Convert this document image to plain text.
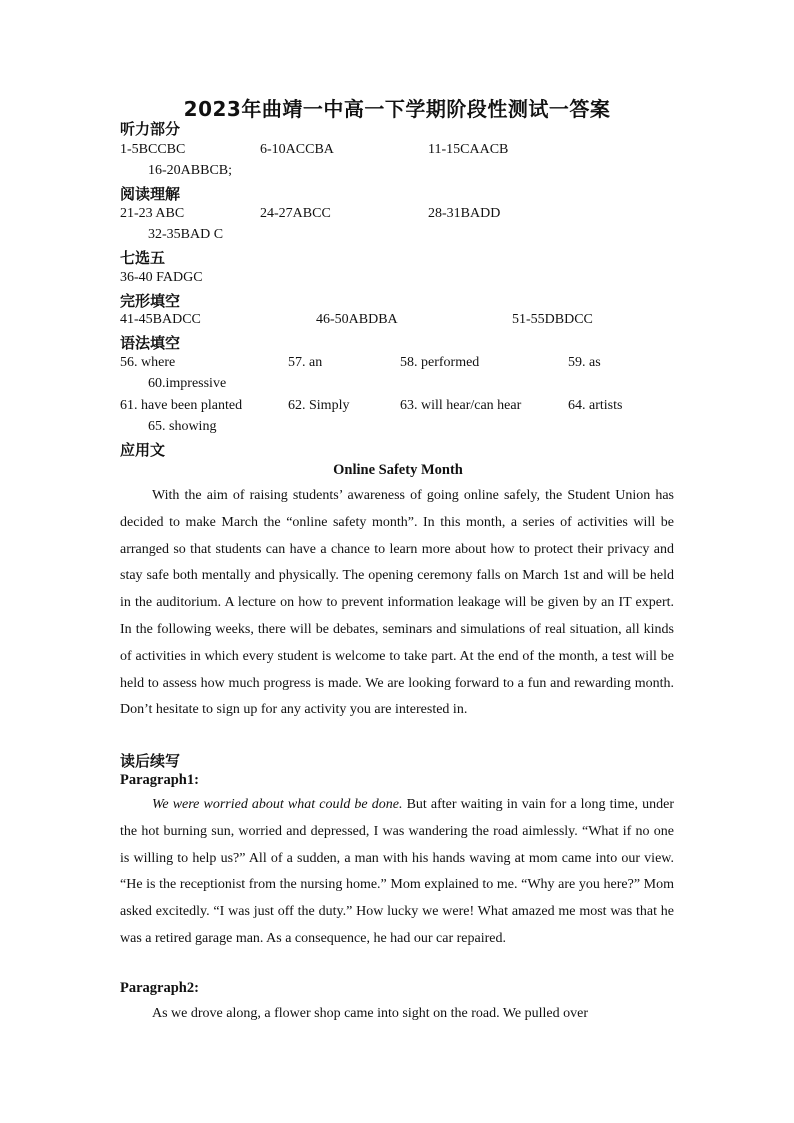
2023年曲靖一中高一下学期阶段性测试一答案
听力部分
1-5BCCBC	6-10ACCBA	11-15CAACB
16-20ABBCB;
阅读理解
21-23 ABC	24-27ABCC	28-31BADD
32-35BAD C
七选五
36-40 FADGC
完形填空
41-45BADCC	46-50ABDBA	51-55DBDCC
语法填空
56. where	57. an	58. performed	59. as
60.impressive
61. have been planted	62. Simply	63. will hear/can hear	64. artists
65. showing
应用文
Online Safety Month

With the aim of raising students’ awareness of going online safely, the Student Union has decided to make March the “online safety month”. In this month, a series of activities will be arranged so that students can have a chance to learn more about how to protect their privacy and stay safe both mentally and physically. The opening ceremony falls on March 1st and will be held in the auditorium. A lecture on how to prevent information leakage will be given by an IT expert. In the following weeks, there will be debates, seminars and simulations of real situation, all kinds of activities in which every student is welcome to take part. At the end of the month, a test will be held to assess how much progress is made. We are looking forward to a fun and rewarding month. Don’t hesitate to sign up for any activity you are interested in.

读后续写
Paragraph1:

We were worried about what could be done. But after waiting in vain for a long time, under the hot burning sun, worried and depressed, I was wandering the road aimlessly. “What if no one is willing to help us?” All of a sudden, a man with his hands waving at mom came into our view. “He is the receptionist from the nursing home.” Mom explained to me. “Why are you here?” Mom asked excitedly. “I was just off the duty.” How lucky we were! What amazed me most was that he was a retired garage man. As a consequence, he had our car repaired.

Paragraph2:

As we drove along, a flower shop came into sight on the road. We pulled over
